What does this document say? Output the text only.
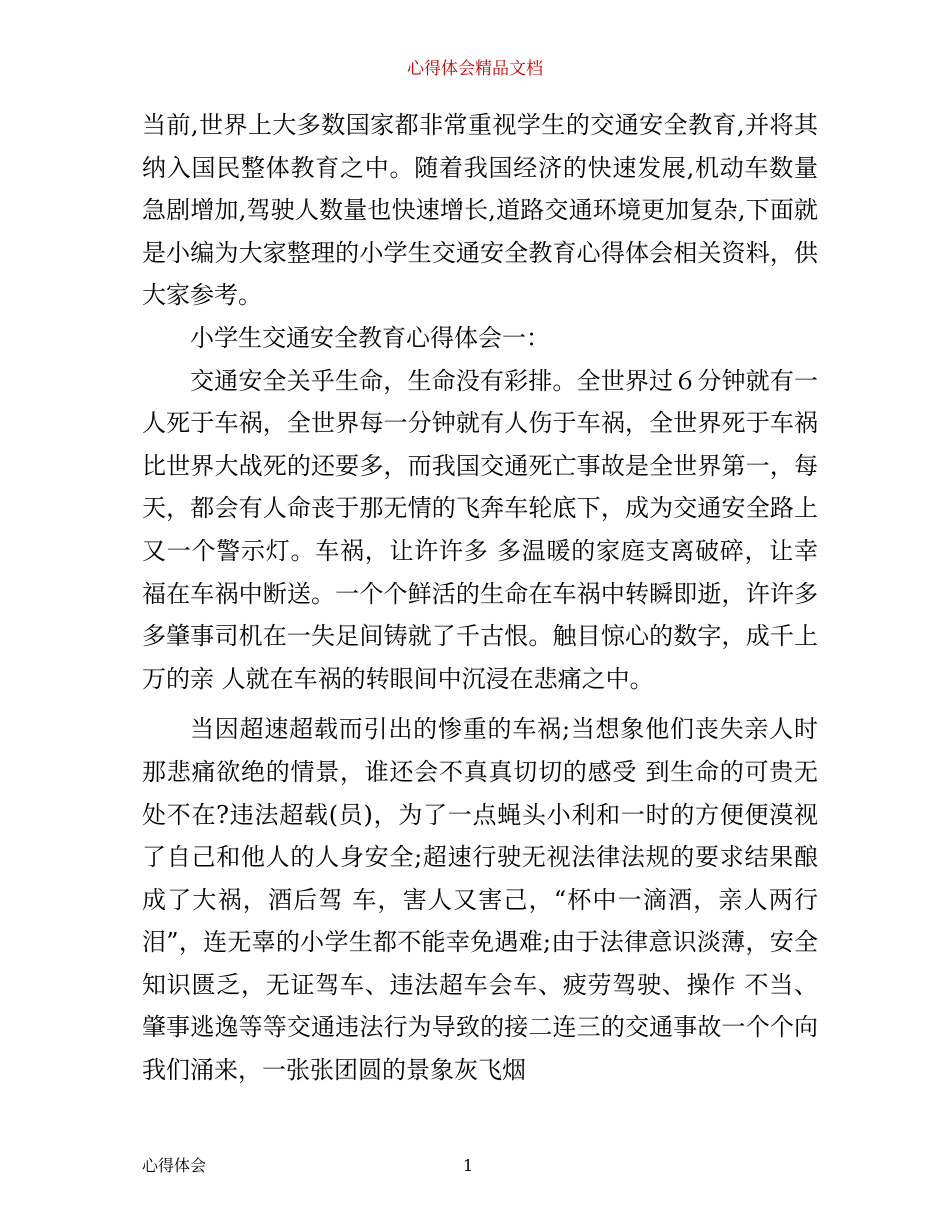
心得体会精品文档

当前,世界上大多数国家都非常重视学生的交通安全教育,并将其纳入国民整体教育之中。随着我国经济的快速发展,机动车数量急剧增加,驾驶人数量也快速增长,道路交通环境更加复杂,下面就是小编为大家整理的小学生交通安全教育心得体会相关资料，供大家参考。

小学生交通安全教育心得体会一：

交通安全关乎生命，生命没有彩排。全世界过６分钟就有一人死于车祸，全世界每一分钟就有人伤于车祸，全世界死于车祸比世界大战死的还要多，而我国交通死亡事故是全世界第一，每天，都会有人命丧于那无情的飞奔车轮底下，成为交通安全路上又一个警示灯。车祸，让许许多 多温暖的家庭支离破碎，让幸福在车祸中断送。一个个鲜活的生命在车祸中转瞬即逝，许许多多肇事司机在一失足间铸就了千古恨。触目惊心的数字，成千上万的亲 人就在车祸的转眼间中沉浸在悲痛之中。

当因超速超载而引出的惨重的车祸;当想象他们丧失亲人时那悲痛欲绝的情景，谁还会不真真切切的感受 到生命的可贵无处不在?违法超载(员)，为了一点蝇头小利和一时的方便便漠视了自己和他人的人身安全;超速行驶无视法律法规的要求结果酿成了大祸，酒后驾 车，害人又害己，“杯中一滴酒，亲人两行泪”，连无辜的小学生都不能幸免遇难;由于法律意识淡薄，安全知识匮乏，无证驾车、违法超车会车、疲劳驾驶、操作 不当、肇事逃逸等等交通违法行为导致的接二连三的交通事故一个个向我们涌来，一张张团圆的景象灰飞烟

心得体会	1
